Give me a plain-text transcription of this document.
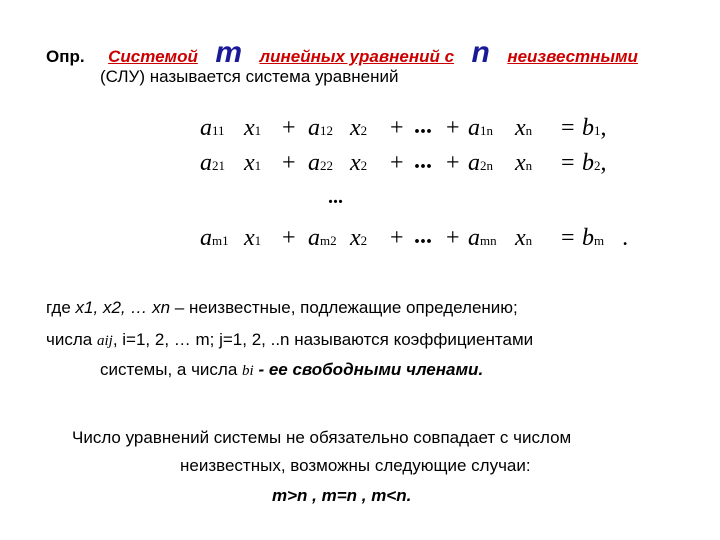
Опр. Системой m линейных уравнений с n неизвестными
(СЛУ) называется система уравнений
a11 x1 + a12 x2 + ... + a1n xn = b1,
a21 x1 + a22 x2 + ... + a2n xn = b2,
...
am1 x1 + am2 x2 + ... + amn xn = bm .
где x1, x2, … xn – неизвестные, подлежащие определению;
числа aij, i=1, 2, … m; j=1, 2, ..n называются коэффициентами
системы, а числа bi - ее свободными членами.
Число уравнений системы не обязательно совпадает с числом
неизвестных, возможны следующие случаи:
m>n , m=n , m<n.
